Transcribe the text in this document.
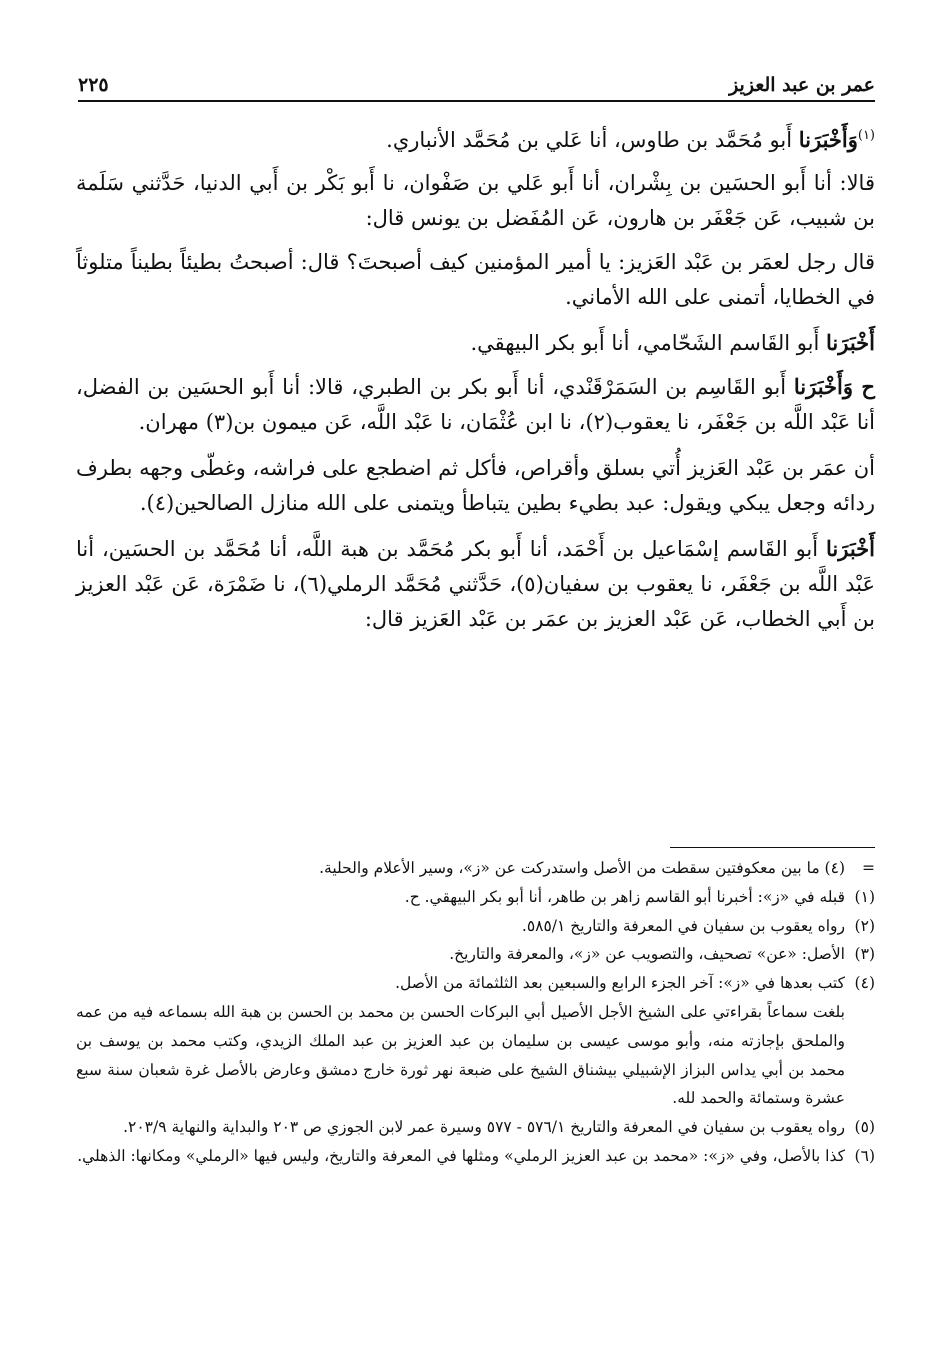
عمر بن عبد العزيز
٢٢٥

$^{(١)}$وَأَخْبَرَنا أَبو مُحَمَّد بن طاوس، أنا عَلي بن مُحَمَّد الأنباري.

قالا: أنا أَبو الحسَين بن بِشْران، أنا أَبو عَلي بن صَفْوان، نا أَبو بَكْر بن أَبي الدنيا، حَدَّثني سَلَمة بن شبيب، عَن جَعْفَر بن هارون، عَن المُفَضل بن يونس قال:

قال رجل لعمَر بن عَبْد العَزيز: يا أمير المؤمنين كيف أصبحتَ؟ قال: أصبحتُ بطيئاً بطيناً متلوثاً في الخطايا، أتمنى على الله الأماني.

أَخْبَرَنا أَبو القَاسم الشَحّامي، أنا أَبو بكر البيهقي.

ح وَأَخْبَرَنا أَبو القَاسِم بن السَمَرْقَنْدي، أنا أَبو بكر بن الطبري، قالا: أنا أَبو الحسَين بن الفضل، أنا عَبْد اللَّه بن جَعْفَر، نا يعقوب(٢)، نا ابن عُثْمَان، نا عَبْد اللَّه، عَن ميمون بن(٣) مهران.

أن عمَر بن عَبْد العَزيز أُتي بسلق وأقراص، فأكل ثم اضطجع على فراشه، وغطّى وجهه بطرف ردائه وجعل يبكي ويقول: عبد بطيء بطين يتباطأ ويتمنى على الله منازل الصالحين(٤).

أَخْبَرَنا أَبو القَاسم إسْمَاعيل بن أَحْمَد، أنا أَبو بكر مُحَمَّد بن هبة اللَّه، أنا مُحَمَّد بن الحسَين، أنا عَبْد اللَّه بن جَعْفَر، نا يعقوب بن سفيان(٥)، حَدَّثني مُحَمَّد الرملي(٦)، نا ضَمْرَة، عَن عَبْد العزيز بن أَبي الخطاب، عَن عَبْد العزيز بن عمَر بن عَبْد العَزيز قال:

=
(٤) ما بين معكوفتين سقطت من الأصل واستدركت عن «ز»، وسير الأعلام والحلية.
(١)
قبله في «ز»: أخبرنا أبو القاسم زاهر بن طاهر، أنا أبو بكر البيهقي. ح.
(٢)
رواه يعقوب بن سفيان في المعرفة والتاريخ ٥٨٥/١.
(٣)
الأصل: «عن» تصحيف، والتصويب عن «ز»، والمعرفة والتاريخ.
(٤)
كتب بعدها في «ز»: آخر الجزء الرابع والسبعين بعد الثلثمائة من الأصل.

بلغت سماعاً بقراءتي على الشيخ الأجل الأصيل أبي البركات الحسن بن محمد بن الحسن بن هبة الله بسماعه فيه من عمه والملحق بإجازته منه، وأبو موسى عيسى بن سليمان بن عبد العزيز بن عبد الملك الزيدي، وكتب محمد بن يوسف بن محمد بن أبي يداس البزاز الإشبيلي بيشناق الشيخ على ضبعة نهر ثورة خارج دمشق وعارض بالأصل غرة شعبان سنة سبع عشرة وستمائة والحمد لله.

(٥)
رواه يعقوب بن سفيان في المعرفة والتاريخ ٥٧٦/١ - ٥٧٧ وسيرة عمر لابن الجوزي ص ٢٠٣ والبداية والنهاية ٢٠٣/٩.
(٦)
كذا بالأصل، وفي «ز»: «محمد بن عبد العزيز الرملي» ومثلها في المعرفة والتاريخ، وليس فيها «الرملي» ومكانها: الذهلي.
